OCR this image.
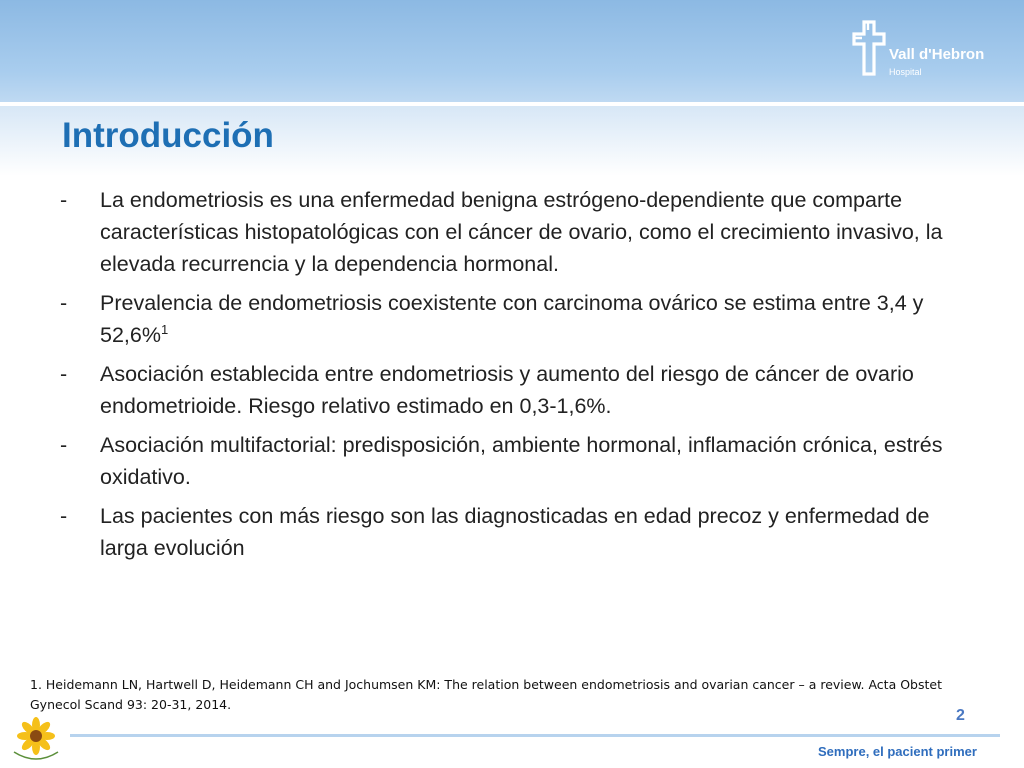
Vall d'Hebron
Hospital
Introducción
- La endometriosis es una enfermedad benigna estrógeno-dependiente que comparte características histopatológicas con el cáncer de ovario, como el crecimiento invasivo, la elevada recurrencia y la dependencia hormonal.
- Prevalencia de endometriosis coexistente con carcinoma ovárico se estima entre 3,4 y 52,6%$^1$
- Asociación establecida entre endometriosis y aumento del riesgo de cáncer de ovario endometrioide. Riesgo relativo estimado en 0,3-1,6%.
- Asociación multifactorial: predisposición, ambiente hormonal, inflamación crónica, estrés oxidativo.
- Las pacientes con más riesgo son las diagnosticadas en edad precoz y enfermedad de larga evolución
1. Heidemann LN, Hartwell D, Heidemann CH and Jochumsen KM: The relation between endometriosis and ovarian cancer – a review. Acta Obstet Gynecol Scand 93: 20-31, 2014.
2
Sempre, el pacient primer
